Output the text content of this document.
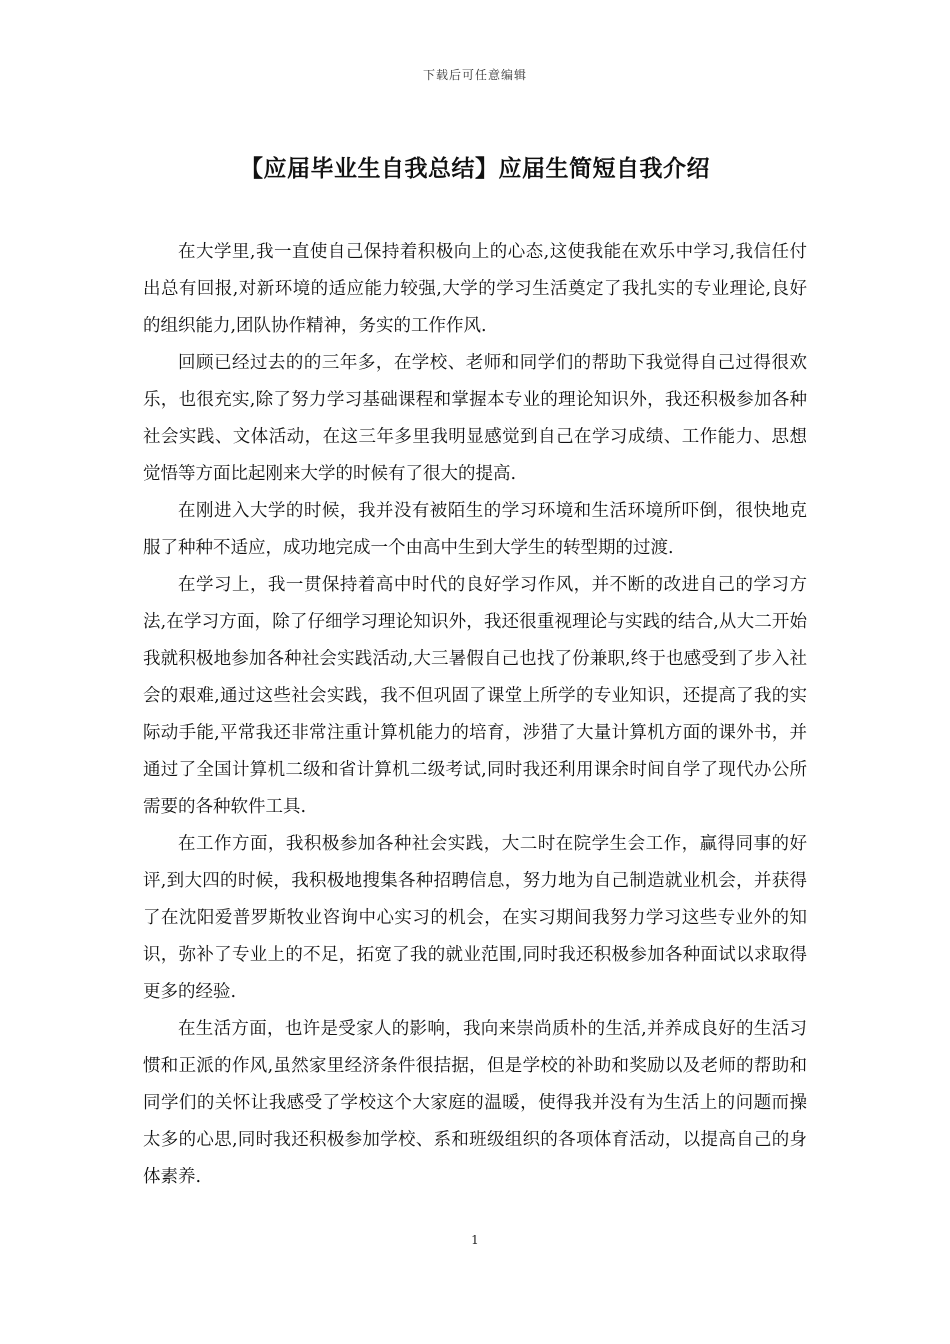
下载后可任意编辑
【应届毕业生自我总结】应届生简短自我介绍

在大学里,我一直使自己保持着积极向上的心态,这使我能在欢乐中学习,我信任付出总有回报,对新环境的适应能力较强,大学的学习生活奠定了我扎实的专业理论,良好的组织能力,团队协作精神，务实的工作作风.

回顾已经过去的的三年多，在学校、老师和同学们的帮助下我觉得自己过得很欢乐，也很充实,除了努力学习基础课程和掌握本专业的理论知识外，我还积极参加各种社会实践、文体活动，在这三年多里我明显感觉到自己在学习成绩、工作能力、思想觉悟等方面比起刚来大学的时候有了很大的提高.

在刚进入大学的时候，我并没有被陌生的学习环境和生活环境所吓倒，很快地克服了种种不适应，成功地完成一个由高中生到大学生的转型期的过渡.

在学习上，我一贯保持着高中时代的良好学习作风，并不断的改进自己的学习方法,在学习方面，除了仔细学习理论知识外，我还很重视理论与实践的结合,从大二开始我就积极地参加各种社会实践活动,大三暑假自己也找了份兼职,终于也感受到了步入社会的艰难,通过这些社会实践，我不但巩固了课堂上所学的专业知识，还提高了我的实际动手能,平常我还非常注重计算机能力的培育，涉猎了大量计算机方面的课外书，并通过了全国计算机二级和省计算机二级考试,同时我还利用课余时间自学了现代办公所需要的各种软件工具.

在工作方面，我积极参加各种社会实践，大二时在院学生会工作，赢得同事的好评,到大四的时候，我积极地搜集各种招聘信息，努力地为自己制造就业机会，并获得了在沈阳爱普罗斯牧业咨询中心实习的机会，在实习期间我努力学习这些专业外的知识，弥补了专业上的不足，拓宽了我的就业范围,同时我还积极参加各种面试以求取得更多的经验.

在生活方面，也许是受家人的影响，我向来崇尚质朴的生活,并养成良好的生活习惯和正派的作风,虽然家里经济条件很拮据，但是学校的补助和奖励以及老师的帮助和同学们的关怀让我感受了学校这个大家庭的温暖，使得我并没有为生活上的问题而操太多的心思,同时我还积极参加学校、系和班级组织的各项体育活动，以提高自己的身体素养.

1
